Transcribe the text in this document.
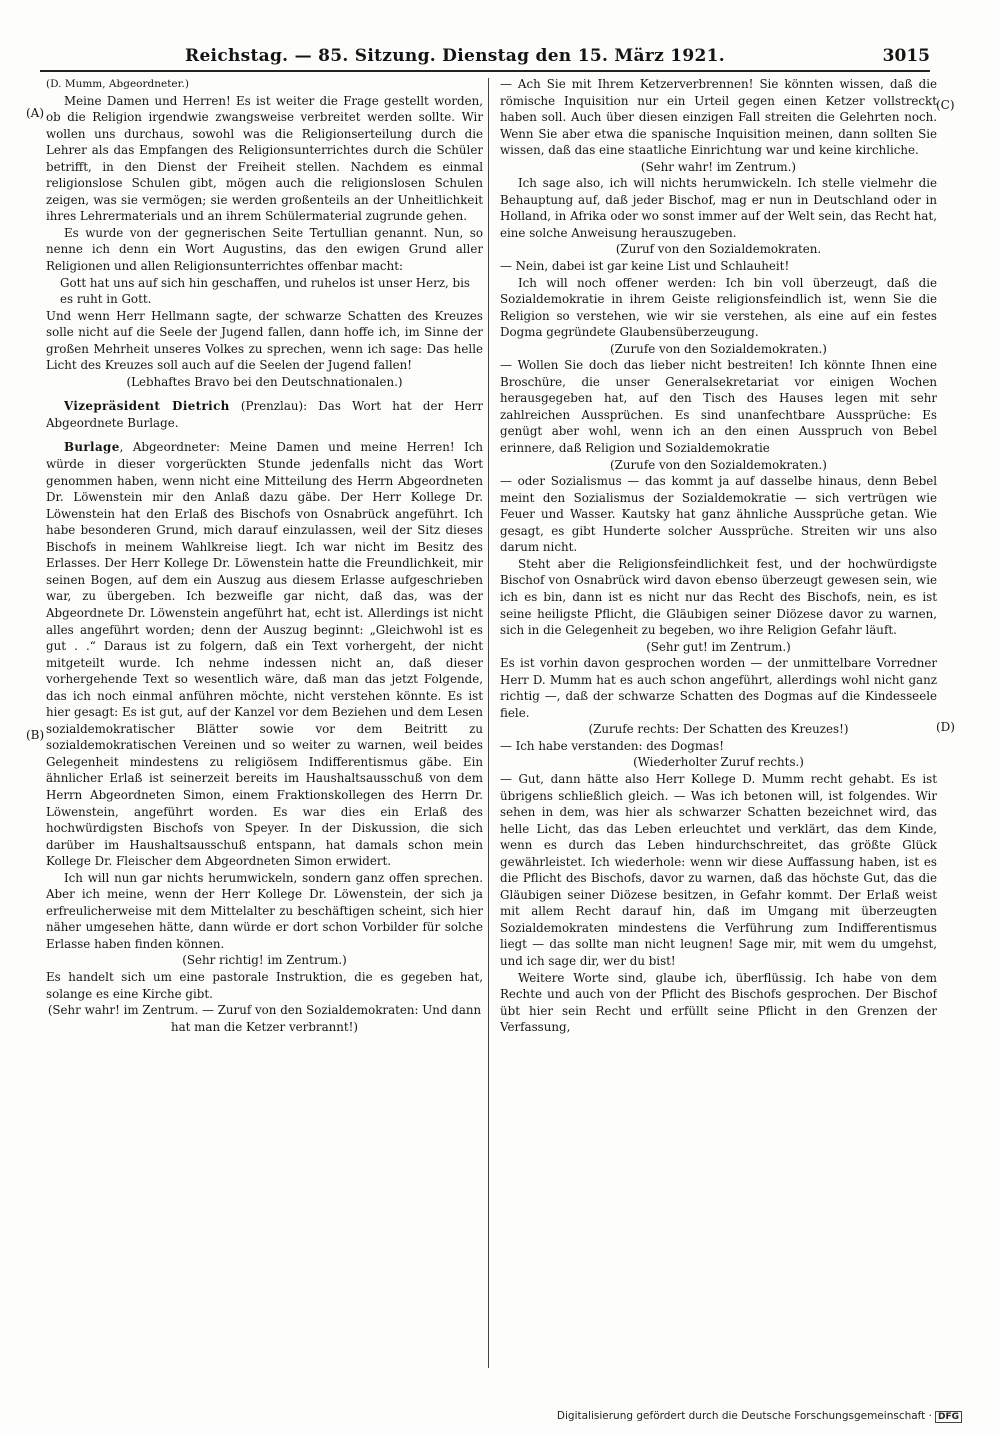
Reichstag. — 85. Sitzung. Dienstag den 15. März 1921.	3015
(A)
(B)
(C)
(D)

(D. Mumm, Abgeordneter.)

Meine Damen und Herren! Es ist weiter die Frage gestellt worden, ob die Religion irgendwie zwangsweise verbreitet werden sollte. Wir wollen uns durchaus, sowohl was die Religionserteilung durch die Lehrer als das Empfangen des Religionsunterrichtes durch die Schüler betrifft, in den Dienst der Freiheit stellen. Nachdem es einmal religionslose Schulen gibt, mögen auch die religionslosen Schulen zeigen, was sie vermögen; sie werden großenteils an der Unheitlichkeit ihres Lehrermaterials und an ihrem Schülermaterial zugrunde gehen.

Es wurde von der gegnerischen Seite Tertullian genannt. Nun, so nenne ich denn ein Wort Augustins, das den ewigen Grund aller Religionen und allen Religionsunterrichtes offenbar macht:

Gott hat uns auf sich hin geschaffen, und ruhelos ist unser Herz, bis es ruht in Gott.

Und wenn Herr Hellmann sagte, der schwarze Schatten des Kreuzes solle nicht auf die Seele der Jugend fallen, dann hoffe ich, im Sinne der großen Mehrheit unseres Volkes zu sprechen, wenn ich sage: Das helle Licht des Kreuzes soll auch auf die Seelen der Jugend fallen!

(Lebhaftes Bravo bei den Deutschnationalen.)

Vizepräsident Dietrich (Prenzlau): Das Wort hat der Herr Abgeordnete Burlage.

Burlage, Abgeordneter: Meine Damen und meine Herren! Ich würde in dieser vorgerückten Stunde jedenfalls nicht das Wort genommen haben, wenn nicht eine Mitteilung des Herrn Abgeordneten Dr. Löwenstein mir den Anlaß dazu gäbe. Der Herr Kollege Dr. Löwenstein hat den Erlaß des Bischofs von Osnabrück angeführt. Ich habe besonderen Grund, mich darauf einzulassen, weil der Sitz dieses Bischofs in meinem Wahlkreise liegt. Ich war nicht im Besitz des Erlasses. Der Herr Kollege Dr. Löwenstein hatte die Freundlichkeit, mir seinen Bogen, auf dem ein Auszug aus diesem Erlasse aufgeschrieben war, zu übergeben. Ich bezweifle gar nicht, daß das, was der Abgeordnete Dr. Löwenstein angeführt hat, echt ist. Allerdings ist nicht alles angeführt worden; denn der Auszug beginnt: „Gleichwohl ist es gut . .“ Daraus ist zu folgern, daß ein Text vorhergeht, der nicht mitgeteilt wurde. Ich nehme indessen nicht an, daß dieser vorhergehende Text so wesentlich wäre, daß man das jetzt Folgende, das ich noch einmal anführen möchte, nicht verstehen könnte. Es ist hier gesagt: Es ist gut, auf der Kanzel vor dem Beziehen und dem Lesen sozialdemokratischer Blätter sowie vor dem Beitritt zu sozialdemokratischen Vereinen und so weiter zu warnen, weil beides Gelegenheit mindestens zu religiösem Indifferentismus gäbe. Ein ähnlicher Erlaß ist seinerzeit bereits im Haushaltsausschuß von dem Herrn Abgeordneten Simon, einem Fraktionskollegen des Herrn Dr. Löwenstein, angeführt worden. Es war dies ein Erlaß des hochwürdigsten Bischofs von Speyer. In der Diskussion, die sich darüber im Haushaltsausschuß entspann, hat damals schon mein Kollege Dr. Fleischer dem Abgeordneten Simon erwidert.

Ich will nun gar nichts herumwickeln, sondern ganz offen sprechen. Aber ich meine, wenn der Herr Kollege Dr. Löwenstein, der sich ja erfreulicherweise mit dem Mittelalter zu beschäftigen scheint, sich hier näher umgesehen hätte, dann würde er dort schon Vorbilder für solche Erlasse haben finden können.

(Sehr richtig! im Zentrum.)

Es handelt sich um eine pastorale Instruktion, die es gegeben hat, solange es eine Kirche gibt.

(Sehr wahr! im Zentrum. — Zuruf von den Sozialdemokraten: Und dann hat man die Ketzer verbrannt!)

— Ach Sie mit Ihrem Ketzerverbrennen! Sie könnten wissen, daß die römische Inquisition nur ein Urteil gegen einen Ketzer vollstreckt haben soll. Auch über diesen einzigen Fall streiten die Gelehrten noch. Wenn Sie aber etwa die spanische Inquisition meinen, dann sollten Sie wissen, daß das eine staatliche Einrichtung war und keine kirchliche.

(Sehr wahr! im Zentrum.)

Ich sage also, ich will nichts herumwickeln. Ich stelle vielmehr die Behauptung auf, daß jeder Bischof, mag er nun in Deutschland oder in Holland, in Afrika oder wo sonst immer auf der Welt sein, das Recht hat, eine solche Anweisung herauszugeben.

(Zuruf von den Sozialdemokraten.

— Nein, dabei ist gar keine List und Schlauheit!

Ich will noch offener werden: Ich bin voll überzeugt, daß die Sozialdemokratie in ihrem Geiste religionsfeindlich ist, wenn Sie die Religion so verstehen, wie wir sie verstehen, als eine auf ein festes Dogma gegründete Glaubensüberzeugung.

(Zurufe von den Sozialdemokraten.)

— Wollen Sie doch das lieber nicht bestreiten! Ich könnte Ihnen eine Broschüre, die unser Generalsekretariat vor einigen Wochen herausgegeben hat, auf den Tisch des Hauses legen mit sehr zahlreichen Aussprüchen. Es sind unanfechtbare Aussprüche: Es genügt aber wohl, wenn ich an den einen Ausspruch von Bebel erinnere, daß Religion und Sozialdemokratie

(Zurufe von den Sozialdemokraten.)

— oder Sozialismus — das kommt ja auf dasselbe hinaus, denn Bebel meint den Sozialismus der Sozialdemokratie — sich vertrügen wie Feuer und Wasser. Kautsky hat ganz ähnliche Aussprüche getan. Wie gesagt, es gibt Hunderte solcher Aussprüche. Streiten wir uns also darum nicht.

Steht aber die Religionsfeindlichkeit fest, und der hochwürdigste Bischof von Osnabrück wird davon ebenso überzeugt gewesen sein, wie ich es bin, dann ist es nicht nur das Recht des Bischofs, nein, es ist seine heiligste Pflicht, die Gläubigen seiner Diözese davor zu warnen, sich in die Gelegenheit zu begeben, wo ihre Religion Gefahr läuft.

(Sehr gut! im Zentrum.)

Es ist vorhin davon gesprochen worden — der unmittelbare Vorredner Herr D. Mumm hat es auch schon angeführt, allerdings wohl nicht ganz richtig —, daß der schwarze Schatten des Dogmas auf die Kindesseele fiele.

(Zurufe rechts: Der Schatten des Kreuzes!)

— Ich habe verstanden: des Dogmas!

(Wiederholter Zuruf rechts.)

— Gut, dann hätte also Herr Kollege D. Mumm recht gehabt. Es ist übrigens schließlich gleich. — Was ich betonen will, ist folgendes. Wir sehen in dem, was hier als schwarzer Schatten bezeichnet wird, das helle Licht, das das Leben erleuchtet und verklärt, das dem Kinde, wenn es durch das Leben hindurchschreitet, das größte Glück gewährleistet. Ich wiederhole: wenn wir diese Auffassung haben, ist es die Pflicht des Bischofs, davor zu warnen, daß das höchste Gut, das die Gläubigen seiner Diözese besitzen, in Gefahr kommt. Der Erlaß weist mit allem Recht darauf hin, daß im Umgang mit überzeugten Sozialdemokraten mindestens die Verführung zum Indifferentismus liegt — das sollte man nicht leugnen! Sage mir, mit wem du umgehst, und ich sage dir, wer du bist!

Weitere Worte sind, glaube ich, überflüssig. Ich habe von dem Rechte und auch von der Pflicht des Bischofs gesprochen. Der Bischof übt hier sein Recht und erfüllt seine Pflicht in den Grenzen der Verfassung,

Digitalisierung gefördert durch die Deutsche Forschungsgemeinschaft · DFG
